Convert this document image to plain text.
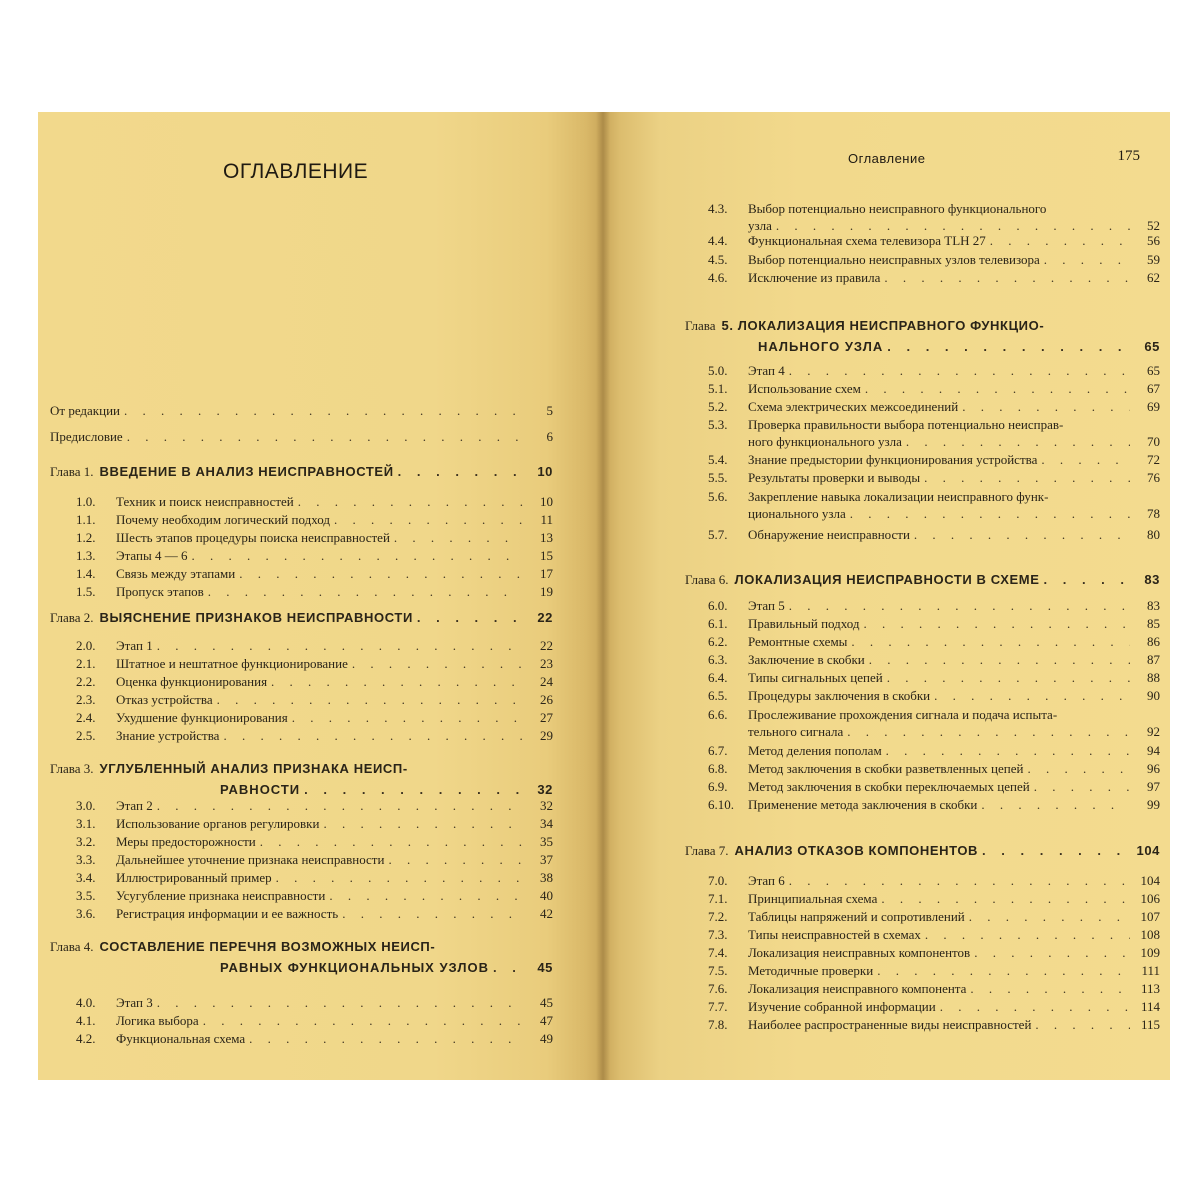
ОГЛАВЛЕНИЕ
От редакции . . .	5
Предисловие . . .	6
Глава 1. ВВЕДЕНИЕ В АНАЛИЗ НЕИСПРАВНОСТЕЙ . . .	10
1.0. Техник и поиск неисправностей . . .	10
1.1. Почему необходим логический подход . . .	11
1.2. Шесть этапов процедуры поиска неисправностей . . .	13
1.3. Этапы 4 — 6 . . .	15
1.4. Связь между этапами . . .	17
1.5. Пропуск этапов . . .	19
Глава 2. ВЫЯСНЕНИЕ ПРИЗНАКОВ НЕИСПРАВНОСТИ . . .	22
2.0. Этап 1 . . .	22
2.1. Штатное и нештатное функционирование . . .	23
2.2. Оценка функционирования . . .	24
2.3. Отказ устройства . . .	26
2.4. Ухудшение функционирования . . .	27
2.5. Знание устройства . . .	29
Глава 3. УГЛУБЛЕННЫЙ АНАЛИЗ ПРИЗНАКА НЕИСП-
РАВНОСТИ . . .	32
3.0. Этап 2 . . .	32
3.1. Использование органов регулировки . . .	34
3.2. Меры предосторожности . . .	35
3.3. Дальнейшее уточнение признака неисправности . . .	37
3.4. Иллюстрированный пример . . .	38
3.5. Усугубление признака неисправности . . .	40
3.6. Регистрация информации и ее важность . . .	42
Глава 4. СОСТАВЛЕНИЕ ПЕРЕЧНЯ ВОЗМОЖНЫХ НЕИСП-
РАВНЫХ ФУНКЦИОНАЛЬНЫХ УЗЛОВ . . .	45
4.0. Этап 3 . . .	45
4.1. Логика выбора . . .	47
4.2. Функциональная схема . . .	49
Оглавление	175
4.3. Выбор потенциально неисправного функционального
узла . . .	52
4.4. Функциональная схема телевизора TLH 27 . . .	56
4.5. Выбор потенциально неисправных узлов телевизора . . .	59
4.6. Исключение из правила . . .	62
Глава 5. ЛОКАЛИЗАЦИЯ НЕИСПРАВНОГО ФУНКЦИО-
НАЛЬНОГО УЗЛА . . .	65
5.0. Этап 4 . . .	65
5.1. Использование схем . . .	67
5.2. Схема электрических межсоединений . . .	69
5.3. Проверка правильности выбора потенциально неисправ-
ного функционального узла . . .	70
5.4. Знание предыстории функционирования устройства . . .	72
5.5. Результаты проверки и выводы . . .	76
5.6. Закрепление навыка локализации неисправного функ-
ционального узла . . .	78
5.7. Обнаружение неисправности . . .	80
Глава 6. ЛОКАЛИЗАЦИЯ НЕИСПРАВНОСТИ В СХЕМЕ . . .	83
6.0. Этап 5 . . .	83
6.1. Правильный подход . . .	85
6.2. Ремонтные схемы . . .	86
6.3. Заключение в скобки . . .	87
6.4. Типы сигнальных цепей . . .	88
6.5. Процедуры заключения в скобки . . .	90
6.6. Прослеживание прохождения сигнала и подача испыта-
тельного сигнала . . .	92
6.7. Метод деления пополам . . .	94
6.8. Метод заключения в скобки разветвленных цепей . . .	96
6.9. Метод заключения в скобки переключаемых цепей . . .	97
6.10. Применение метода заключения в скобки . . .	99
Глава 7. АНАЛИЗ ОТКАЗОВ КОМПОНЕНТОВ . . .	104
7.0. Этап 6 . . .	104
7.1. Принципиальная схема . . .	106
7.2. Таблицы напряжений и сопротивлений . . .	107
7.3. Типы неисправностей в схемах . . .	108
7.4. Локализация неисправных компонентов . . .	109
7.5. Методичные проверки . . .	111
7.6. Локализация неисправного компонента . . .	113
7.7. Изучение собранной информации . . .	114
7.8. Наиболее распространенные виды неисправностей . . .	115
